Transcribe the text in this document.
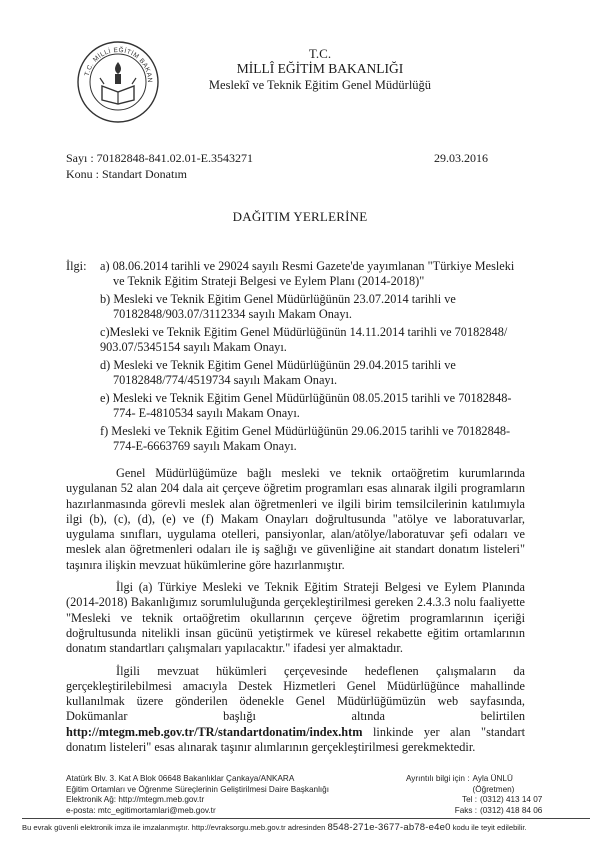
T.C. MİLLİ EĞİTİM BAKAN
T.C.
MİLLÎ EĞİTİM BAKANLIĞI
Meslekî ve Teknik Eğitim Genel Müdürlüğü
Sayı : 70182848-841.02.01-E.3543271	29.03.2016
Konu : Standart Donatım
DAĞITIM YERLERİNE
İlgi: a) 08.06.2014 tarihli ve 29024 sayılı Resmi Gazete'de yayımlanan "Türkiye Mesleki ve Teknik Eğitim Strateji Belgesi ve Eylem Planı (2014-2018)"
b) Mesleki ve Teknik Eğitim Genel Müdürlüğünün 23.07.2014 tarihli ve 70182848/903.07/3112334 sayılı Makam Onayı.
c)Mesleki ve Teknik Eğitim Genel Müdürlüğünün 14.11.2014 tarihli ve 70182848/ 903.07/5345154 sayılı Makam Onayı.
d) Mesleki ve Teknik Eğitim Genel Müdürlüğünün 29.04.2015 tarihli ve 70182848/774/4519734 sayılı Makam Onayı.
e) Mesleki ve Teknik Eğitim Genel Müdürlüğünün 08.05.2015 tarihli ve 70182848-774- E-4810534 sayılı Makam Onayı.
f) Mesleki ve Teknik Eğitim Genel Müdürlüğünün 29.06.2015 tarihli ve 70182848-774-E-6663769 sayılı Makam Onayı.

Genel Müdürlüğümüze bağlı mesleki ve teknik ortaöğretim kurumlarında uygulanan 52 alan 204 dala ait çerçeve öğretim programları esas alınarak ilgili programların hazırlanmasında görevli meslek alan öğretmenleri ve ilgili birim temsilcilerinin katılımıyla ilgi (b), (c), (d), (e) ve (f) Makam Onayları doğrultusunda "atölye ve laboratuvarlar, uygulama sınıfları, uygulama otelleri, pansiyonlar, alan/atölye/laboratuvar şefi odaları ve meslek alan öğretmenleri odaları ile iş sağlığı ve güvenliğine ait standart donatım listeleri" taşınıra ilişkin mevzuat hükümlerine göre hazırlanmıştır.

İlgi (a) Türkiye Mesleki ve Teknik Eğitim Strateji Belgesi ve Eylem Planında (2014-2018) Bakanlığımız sorumluluğunda gerçekleştirilmesi gereken 2.4.3.3 nolu faaliyette "Mesleki ve teknik ortaöğretim okullarının çerçeve öğretim programlarının içeriği doğrultusunda nitelikli insan gücünü yetiştirmek ve küresel rekabette eğitim ortamlarının donatım standartları çalışmaları yapılacaktır." ifadesi yer almaktadır.

İlgili mevzuat hükümleri çerçevesinde hedeflenen çalışmaların da gerçekleştirilebilmesi amacıyla Destek Hizmetleri Genel Müdürlüğünce mahallinde kullanılmak üzere gönderilen ödenekle Genel Müdürlüğümüzün web sayfasında, Dokümanlar başlığı altında belirtilen http://mtegm.meb.gov.tr/TR/standartdonatim/index.htm linkinde yer alan "standart donatım listeleri" esas alınarak taşınır alımlarının gerçekleştirilmesi gerekmektedir.

Atatürk Blv. 3. Kat A Blok 06648 Bakanlıklar Çankaya/ANKARA
Eğitim Ortamları ve Öğrenme Süreçlerinin Geliştirilmesi Daire Başkanlığı
Elektronik Ağ: http://mtegm.meb.gov.tr
e-posta: mtc_egitimortamlari@meb.gov.tr
Ayrıntılı bilgi için : Ayla ÜNLÜ (Öğretmen)
Tel : (0312) 413 14 07
Faks : (0312) 418 84 06
Bu evrak güvenli elektronik imza ile imzalanmıştır. http://evraksorgu.meb.gov.tr adresinden 8548-271e-3677-ab78-e4e0 kodu ile teyit edilebilir.
